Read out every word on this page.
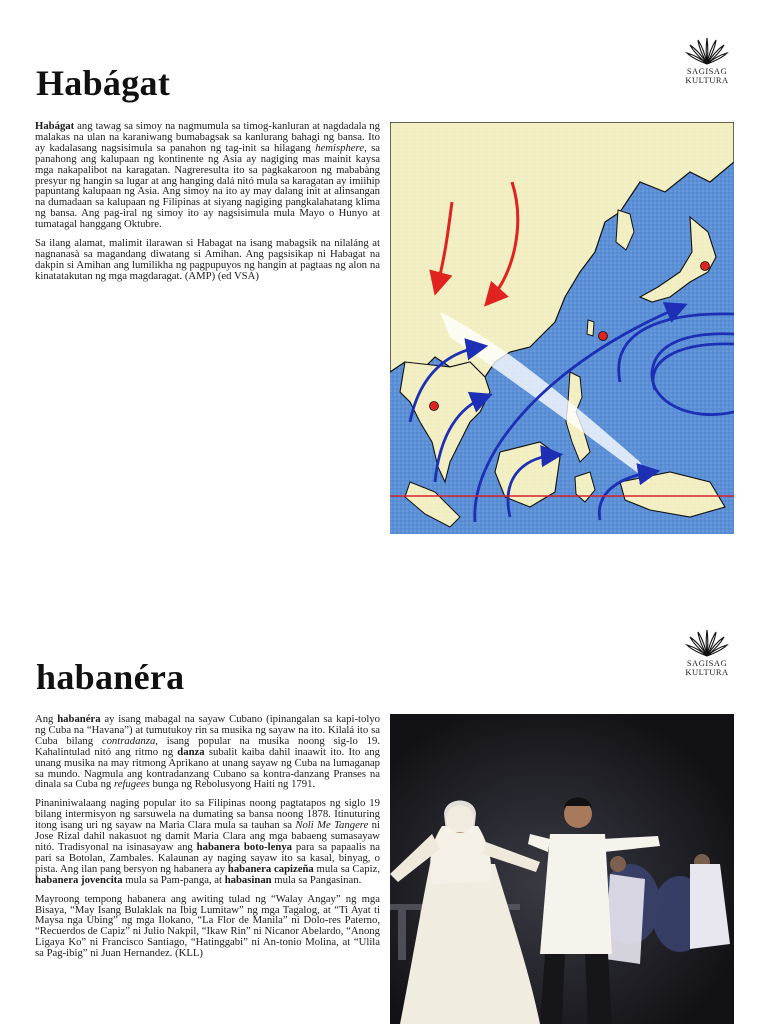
Habágat	SAGISAG
KULTURA

Habágat ang tawag sa simoy na nagmumula sa timog-kanluran at nagdadala ng malakas na ulan na karaniwang bumabagsak sa kanlurang bahagi ng bansa. Ito ay kadalasang nagsisimula sa panahon ng tag-init sa hilagang hemisphere, sa panahong ang kalupaan ng kontinente ng Asia ay nagiging mas mainit kaysa mga nakapalibot na karagatan. Nagreresulta ito sa pagkakaroon ng mababàng presyur ng hangin sa lugar at ang hanging dalá nitó mula sa karagatan ay imiihip papuntang kalupaan ng Asia. Ang simoy na ito ay may dalang init at alinsangan na dumadaan sa kalupaan ng Filipinas at siyang nagiging pangkalahatang klima ng bansa. Ang pag-iral ng simoy ito ay nagsisimula mula Mayo o Hunyo at tumatagal hanggang Oktubre.

Sa ilang alamat, malimit ilarawan si Habagat na isang mabagsik na nilaláng at nagnanasà sa magandang diwatang si Amihan. Ang pagsisikap ni Habagat na dakpin si Amihan ang lumilikha ng pagpupuyos ng hangin at pagtaas ng alon na kinatatakutan ng mga magdaragat. (AMP) (ed VSA)

habanéra	SAGISAG
KULTURA

Ang habanéra ay isang mabagal na sayaw Cubano (ipinangalan sa kapi-tolyo ng Cuba na “Havana”) at tumutukoy rin sa musika ng sayaw na ito. Kilalá ito sa Cuba bilang contradanza, isang popular na musika noong sig-lo 19. Kahalintulad nitó ang ritmo ng danza subalit kaiba dahil inaawit ito. Ito ang unang musika na may ritmong Aprikano at unang sayaw ng Cuba na lumaganap sa mundo. Nagmula ang kontradanzang Cubano sa kontra-danzang Pranses na dinala sa Cuba ng refugees bunga ng Rebolusyong Haiti ng 1791.

Pinaniniwalaang naging popular ito sa Filipinas noong pagtatapos ng siglo 19 bilang intermisyon ng sarsuwela na dumating sa bansa noong 1878. Itinuturing itong isang uri ng sayaw na Maria Clara mula sa tauhan sa Noli Me Tangere ni Jose Rizal dahil nakasuot ng damit Maria Clara ang mga babaeng sumasayaw nitó. Tradisyonal na isinasayaw ang habanera boto-lenya para sa papaalis na pari sa Botolan, Zambales. Kalaunan ay naging sayaw ito sa kasal, binyag, o pista. Ang ilan pang bersyon ng habanera ay habanera capizeña mula sa Capiz, habanera jovencita mula sa Pam-panga, at habasinan mula sa Pangasinan.

Mayroong tempong habanera ang awiting tulad ng “Walay Angay” ng mga Bisaya, “May Isang Bulaklak na Ibig Lumitaw” ng mga Tagalog, at “Ti Ayat ti Maysa nga Ubing” ng mga Ilokano, “La Flor de Manila” ni Dolo-res Paterno, “Recuerdos de Capiz” ni Julio Nakpil, “Ikaw Rin” ni Nicanor Abelardo, “Anong Ligaya Ko” ni Francisco Santiago, “Hatinggabi” ni An-tonio Molina, at “Ulila sa Pag-ibig” ni Juan Hernandez. (KLL)
